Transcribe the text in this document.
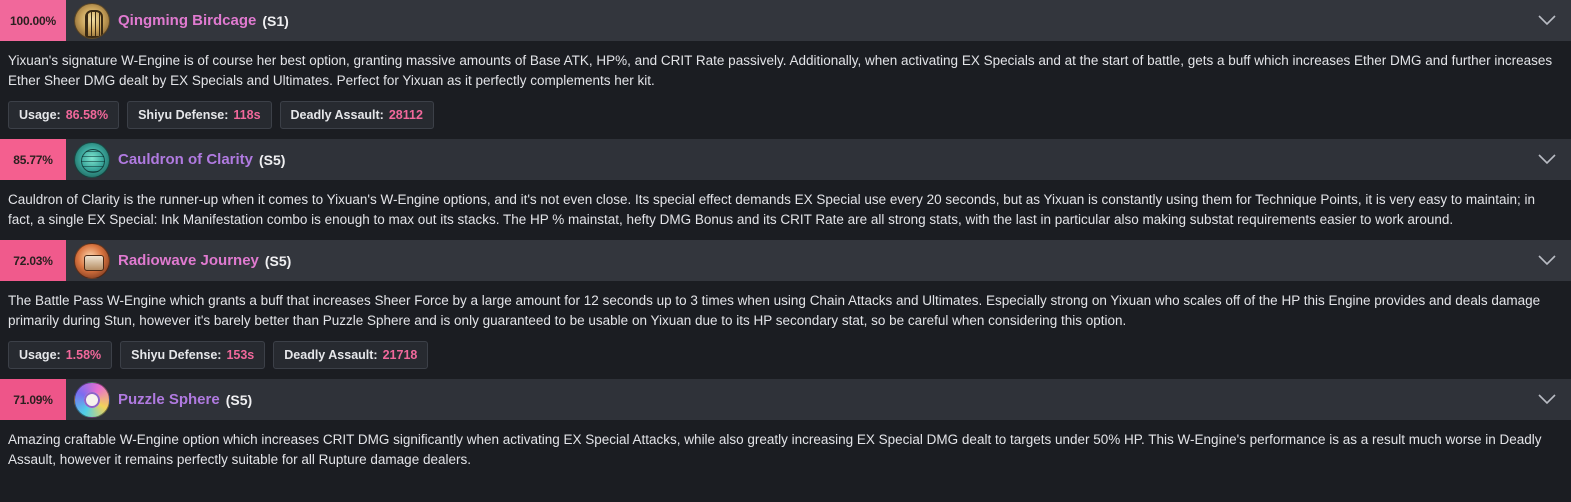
100.00%	Qingming Birdcage (S1)

Yixuan's signature W-Engine is of course her best option, granting massive amounts of Base ATK, HP%, and CRIT Rate passively. Additionally, when activating EX Specials and at the start of battle, gets a buff which increases Ether DMG and further increases Ether Sheer DMG dealt by EX Specials and Ultimates. Perfect for Yixuan as it perfectly complements her kit.

Usage: 86.58% Shiyu Defense: 118s Deadly Assault: 28112
85.77%	Cauldron of Clarity (S5)

Cauldron of Clarity is the runner-up when it comes to Yixuan's W-Engine options, and it's not even close. Its special effect demands EX Special use every 20 seconds, but as Yixuan is constantly using them for Technique Points, it is very easy to maintain; in fact, a single EX Special: Ink Manifestation combo is enough to max out its stacks. The HP % mainstat, hefty DMG Bonus and its CRIT Rate are all strong stats, with the last in particular also making substat requirements easier to work around.

72.03%	Radiowave Journey (S5)

The Battle Pass W-Engine which grants a buff that increases Sheer Force by a large amount for 12 seconds up to 3 times when using Chain Attacks and Ultimates. Especially strong on Yixuan who scales off of the HP this Engine provides and deals damage primarily during Stun, however it's barely better than Puzzle Sphere and is only guaranteed to be usable on Yixuan due to its HP secondary stat, so be careful when considering this option.

Usage: 1.58% Shiyu Defense: 153s Deadly Assault: 21718
71.09%	Puzzle Sphere (S5)

Amazing craftable W-Engine option which increases CRIT DMG significantly when activating EX Special Attacks, while also greatly increasing EX Special DMG dealt to targets under 50% HP. This W-Engine's performance is as a result much worse in Deadly Assault, however it remains perfectly suitable for all Rupture damage dealers.
